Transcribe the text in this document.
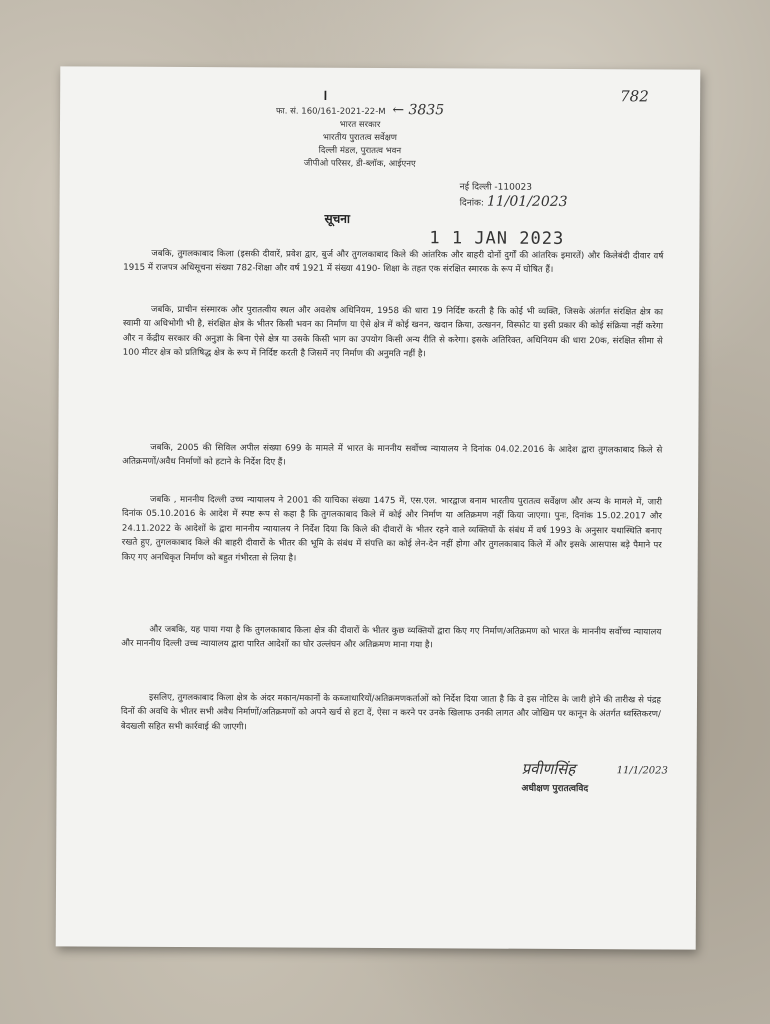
।	782
फा. सं. 160/161-2021-22-M ← 3835
भारत सरकार
भारतीय पुरातत्व सर्वेक्षण
दिल्ली मंडल, पुरातत्व भवन
जीपीओ परिसर, डी-ब्लॉक, आईएनए
नई दिल्ली -110023
दिनांक: 11/01/2023
सूचना
1 1 JAN 2023
जबकि, तुगलकाबाद किला (इसकी दीवारें, प्रवेश द्वार, बुर्ज और तुगलकाबाद किले की आंतरिक और बाहरी दोनों दुर्गों की आंतरिक इमारतें) और किलेबंदी दीवार वर्ष 1915 में राजपत्र अधिसूचना संख्या 782-शिक्षा और वर्ष 1921 में संख्या 4190- शिक्षा के तहत एक संरक्षित स्मारक के रूप में घोषित हैं।
जबकि, प्राचीन संस्मारक और पुरातत्वीय स्थल और अवशेष अधिनियम, 1958 की धारा 19 निर्दिष्ट करती है कि कोई भी व्यक्ति, जिसके अंतर्गत संरक्षित क्षेत्र का स्वामी या अधिभोगी भी है, संरक्षित क्षेत्र के भीतर किसी भवन का निर्माण या ऐसे क्षेत्र में कोई खनन, खदान क्रिया, उत्खनन, विस्फोट या इसी प्रकार की कोई संक्रिया नहीं करेगा और न केंद्रीय सरकार की अनुज्ञा के बिना ऐसे क्षेत्र या उसके किसी भाग का उपयोग किसी अन्य रीति से करेगा। इसके अतिरिक्त, अधिनियम की धारा 20क, संरक्षित सीमा से 100 मीटर क्षेत्र को प्रतिषिद्ध क्षेत्र के रूप में निर्दिष्ट करती है जिसमें नए निर्माण की अनुमति नहीं है।
जबकि, 2005 की सिविल अपील संख्या 699 के मामले में भारत के माननीय सर्वोच्च न्यायालय ने दिनांक 04.02.2016 के आदेश द्वारा तुगलकाबाद किले से अतिक्रमणों/अवैध निर्माणों को हटाने के निर्देश दिए हैं।
जबकि , माननीय दिल्ली उच्च न्यायालय ने 2001 की याचिका संख्या 1475 में, एस.एल. भारद्वाज बनाम भारतीय पुरातत्व सर्वेक्षण और अन्य के मामले में, जारी दिनांक 05.10.2016 के आदेश में स्पष्ट रूप से कहा है कि तुगलकाबाद किले में कोई और निर्माण या अतिक्रमण नहीं किया जाएगा। पुनः, दिनांक 15.02.2017 और 24.11.2022 के आदेशों के द्वारा माननीय न्यायालय ने निर्देश दिया कि किले की दीवारों के भीतर रहने वाले व्यक्तियों के संबंध में वर्ष 1993 के अनुसार यथास्थिति बनाए रखते हुए, तुगलकाबाद किले की बाहरी दीवारों के भीतर की भूमि के संबंध में संपत्ति का कोई लेन-देन नहीं होगा और तुगलकाबाद किले में और इसके आसपास बड़े पैमाने पर किए गए अनधिकृत निर्माण को बहुत गंभीरता से लिया है।
और जबकि, यह पाया गया है कि तुगलकाबाद किला क्षेत्र की दीवारों के भीतर कुछ व्यक्तियों द्वारा किए गए निर्माण/अतिक्रमण को भारत के माननीय सर्वोच्च न्यायालय और माननीय दिल्ली उच्च न्यायालय द्वारा पारित आदेशों का घोर उल्लंघन और अतिक्रमण माना गया है।
इसलिए, तुगलकाबाद किला क्षेत्र के अंदर मकान/मकानों के कब्जाधारियों/अतिक्रमणकर्ताओं को निर्देश दिया जाता है कि वे इस नोटिस के जारी होने की तारीख से पंद्रह दिनों की अवधि के भीतर सभी अवैध निर्माणों/अतिक्रमणों को अपने खर्च से हटा दें, ऐसा न करने पर उनके खिलाफ उनकी लागत और जोखिम पर कानून के अंतर्गत ध्वस्तिकरण/बेदखली सहित सभी कार्रवाई की जाएगी।
प्रवीणसिंह	11/1/2023
अधीक्षण पुरातत्वविद
